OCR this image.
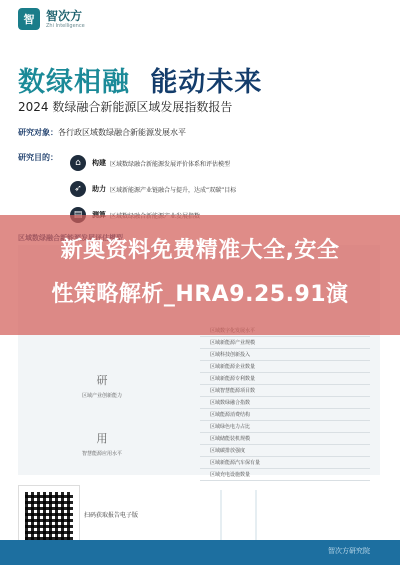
智 智次方
Zhi Intelligence
数绿相融 能动未来
2024 数绿融合新能源区域发展指数报告
研究对象： 各行政区域数绿融合新能源发展水平
研究目的：
⌂	构建 区域数绿融合新能源发展评价体系和评估模型
➶	助力 区域新能源产业链融合与提升，达成“双碳”目标
研
区域产业创新能力
用
智慧能源应用水平
区域新能源产业规模
区域科技创新投入
区域新能源企业数量
区域新能源专利数量
区域智慧能源项目数
区域数绿融合指数
区域能源消费结构
区域绿色电力占比
区域储能装机规模
区域碳排放强度
区域新能源汽车保有量
区域充电设施数量
新奥资料免费精准大全,安全
性策略解析_HRA9.25.91演
扫码获取报告电子版
智次方研究院
